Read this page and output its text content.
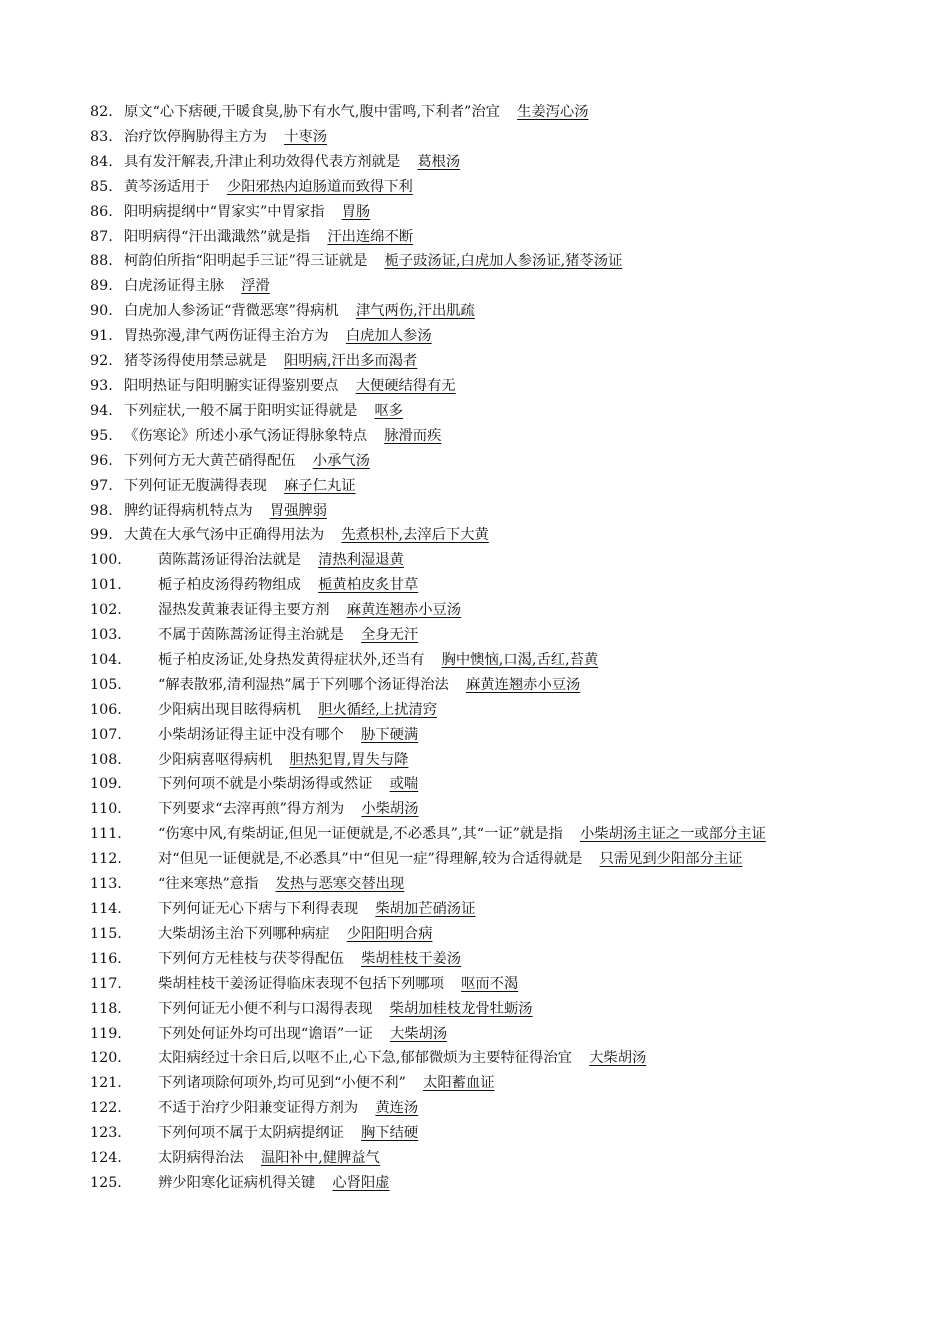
82. 原文“心下痞硬,干暖食臭,胁下有水气,腹中雷鸣,下利者”治宜 生姜泻心汤
83. 治疗饮停胸胁得主方为 十枣汤
84. 具有发汗解表,升津止利功效得代表方剂就是 葛根汤
85. 黄芩汤适用于 少阳邪热内迫肠道而致得下利
86. 阳明病提纲中“胃家实”中胃家指 胃肠
87. 阳明病得“汗出濈濈然”就是指 汗出连绵不断
88. 柯韵伯所指“阳明起手三证”得三证就是 栀子豉汤证,白虎加人参汤证,猪苓汤证
89. 白虎汤证得主脉 浮滑
90. 白虎加人参汤证“背微恶寒”得病机 津气两伤,汗出肌疏
91. 胃热弥漫,津气两伤证得主治方为 白虎加人参汤
92. 猪苓汤得使用禁忌就是 阳明病,汗出多而渴者
93. 阳明热证与阳明腑实证得鉴别要点 大便硬结得有无
94. 下列症状,一般不属于阳明实证得就是 呕多
95. 《伤寒论》所述小承气汤证得脉象特点 脉滑而疾
96. 下列何方无大黄芒硝得配伍 小承气汤
97. 下列何证无腹满得表现 麻子仁丸证
98. 脾约证得病机特点为 胃强脾弱
99. 大黄在大承气汤中正确得用法为 先煮枳朴,去滓后下大黄
100.	茵陈蒿汤证得治法就是 清热利湿退黄
101.	栀子柏皮汤得药物组成 栀黄柏皮炙甘草
102.	湿热发黄兼表证得主要方剂 麻黄连翘赤小豆汤
103.	不属于茵陈蒿汤证得主治就是 全身无汗
104.	栀子柏皮汤证,处身热发黄得症状外,还当有 胸中懊恼,口渴,舌红,苔黄
105.	“解表散邪,清利湿热”属于下列哪个汤证得治法 麻黄连翘赤小豆汤
106.	少阳病出现目眩得病机 胆火循经,上扰清窍
107.	小柴胡汤证得主证中没有哪个 胁下硬满
108.	少阳病喜呕得病机 胆热犯胃,胃失与降
109.	下列何项不就是小柴胡汤得或然证 或喘
110.	下列要求“去滓再煎”得方剂为 小柴胡汤
111.	“伤寒中风,有柴胡证,但见一证便就是,不必悉具”,其“一证”就是指 小柴胡汤主证之一或部分主证
112.	对“但见一证便就是,不必悉具”中“但见一症”得理解,较为合适得就是 只需见到少阳部分主证
113.	“往来寒热”意指 发热与恶寒交替出现
114.	下列何证无心下痞与下利得表现 柴胡加芒硝汤证
115.	大柴胡汤主治下列哪种病症 少阳阳明合病
116.	下列何方无桂枝与茯苓得配伍 柴胡桂枝干姜汤
117.	柴胡桂枝干姜汤证得临床表现不包括下列哪项 呕而不渴
118.	下列何证无小便不利与口渴得表现 柴胡加桂枝龙骨牡蛎汤
119.	下列处何证外均可出现“谵语”一证 大柴胡汤
120.	太阳病经过十余日后,以呕不止,心下急,郁郁微烦为主要特征得治宜 大柴胡汤
121.	下列诸项除何项外,均可见到“小便不利” 太阳蓄血证
122.	不适于治疗少阳兼变证得方剂为 黄连汤
123.	下列何项不属于太阴病提纲证 胸下结硬
124.	太阴病得治法 温阳补中,健脾益气
125.	辨少阳寒化证病机得关键 心肾阳虚
